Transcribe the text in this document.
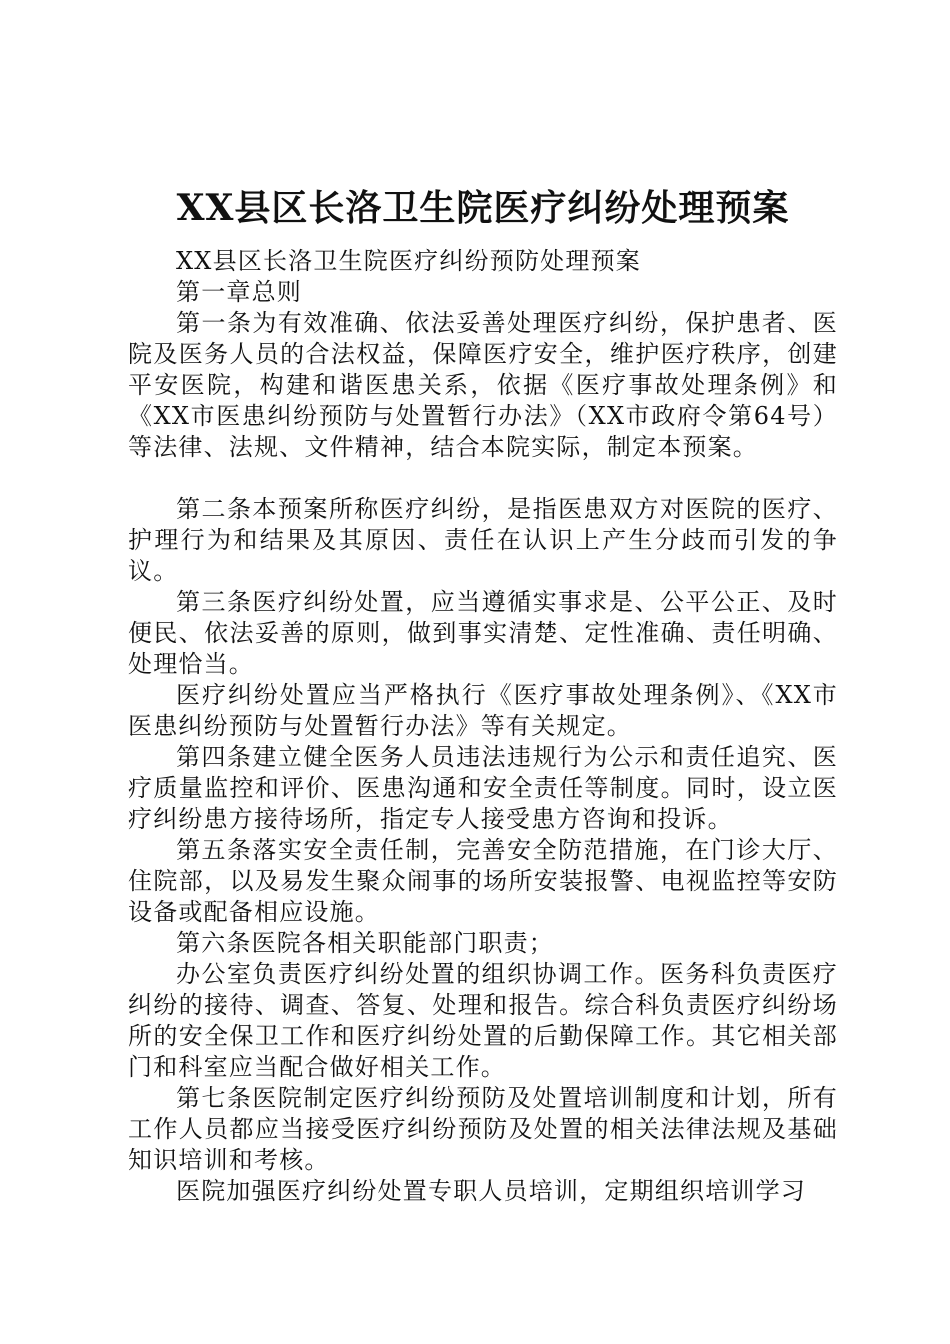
XX县区长洛卫生院医疗纠纷处理预案

XX县区长洛卫生院医疗纠纷预防处理预案

第一章总则

第一条为有效准确、依法妥善处理医疗纠纷，保护患者、医院及医务人员的合法权益，保障医疗安全，维护医疗秩序，创建平安医院，构建和谐医患关系，依据《医疗事故处理条例》和《XX市医患纠纷预防与处置暂行办法》（XX市政府令第64号）等法律、法规、文件精神，结合本院实际，制定本预案。

第二条本预案所称医疗纠纷，是指医患双方对医院的医疗、护理行为和结果及其原因、责任在认识上产生分歧而引发的争议。

第三条医疗纠纷处置，应当遵循实事求是、公平公正、及时便民、依法妥善的原则，做到事实清楚、定性准确、责任明确、处理恰当。

医疗纠纷处置应当严格执行《医疗事故处理条例》、《XX市医患纠纷预防与处置暂行办法》等有关规定。

第四条建立健全医务人员违法违规行为公示和责任追究、医疗质量监控和评价、医患沟通和安全责任等制度。同时，设立医疗纠纷患方接待场所，指定专人接受患方咨询和投诉。

第五条落实安全责任制，完善安全防范措施，在门诊大厅、住院部，以及易发生聚众闹事的场所安装报警、电视监控等安防设备或配备相应设施。

第六条医院各相关职能部门职责；

办公室负责医疗纠纷处置的组织协调工作。医务科负责医疗纠纷的接待、调查、答复、处理和报告。综合科负责医疗纠纷场所的安全保卫工作和医疗纠纷处置的后勤保障工作。其它相关部门和科室应当配合做好相关工作。

第七条医院制定医疗纠纷预防及处置培训制度和计划，所有工作人员都应当接受医疗纠纷预防及处置的相关法律法规及基础知识培训和考核。

医院加强医疗纠纷处置专职人员培训，定期组织培训学习
